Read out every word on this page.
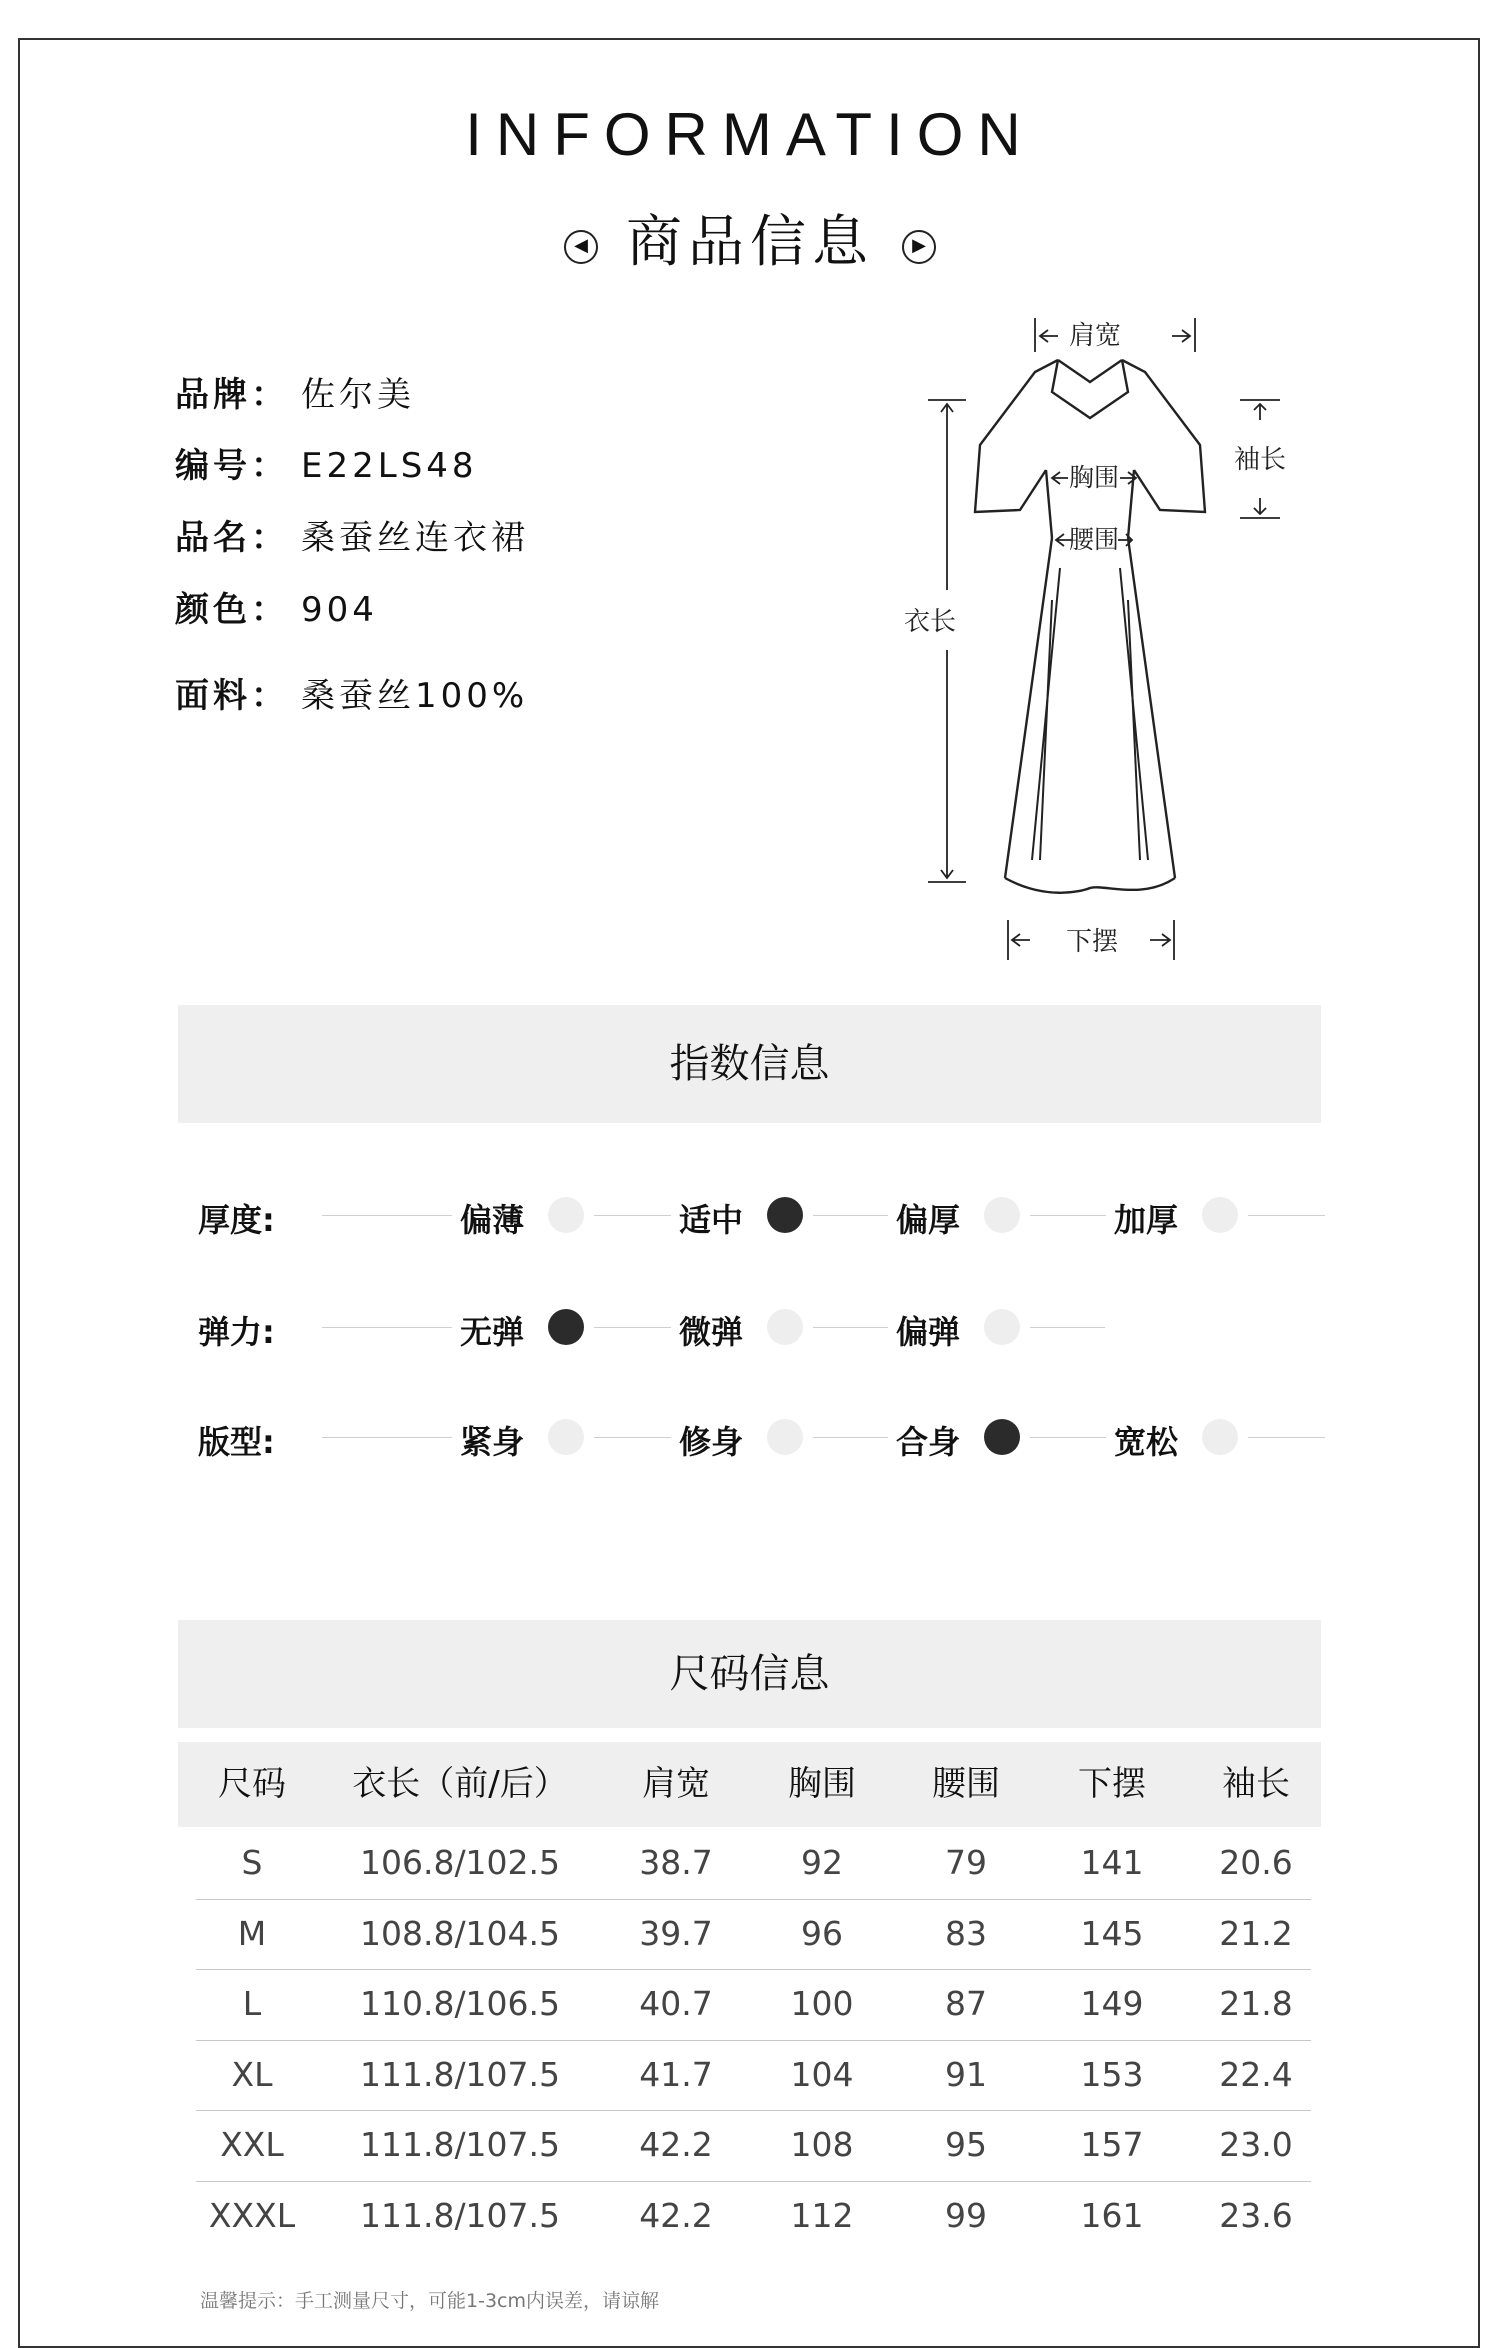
INFORMATION
◀ 商品信息 ▶
品牌： 佐尔美
编号： E22LS48
品名： 桑蚕丝连衣裙
颜色： 904
面料： 桑蚕丝100%
肩宽
袖长
胸围
腰围
衣长
下摆
指数信息
厚度:	偏薄	适中	偏厚	加厚
弹力:	无弹	微弹	偏弹
版型:	紧身	修身	合身	宽松
尺码信息
尺码	衣长（前/后）	肩宽	胸围	腰围	下摆	袖长
S	106.8/102.5	38.7	92	79	141	20.6
M	108.8/104.5	39.7	96	83	145	21.2
L	110.8/106.5	40.7	100	87	149	21.8
XL	111.8/107.5	41.7	104	91	153	22.4
XXL	111.8/107.5	42.2	108	95	157	23.0
XXXL	111.8/107.5	42.2	112	99	161	23.6
温馨提示：手工测量尺寸，可能1-3cm内误差，请谅解
